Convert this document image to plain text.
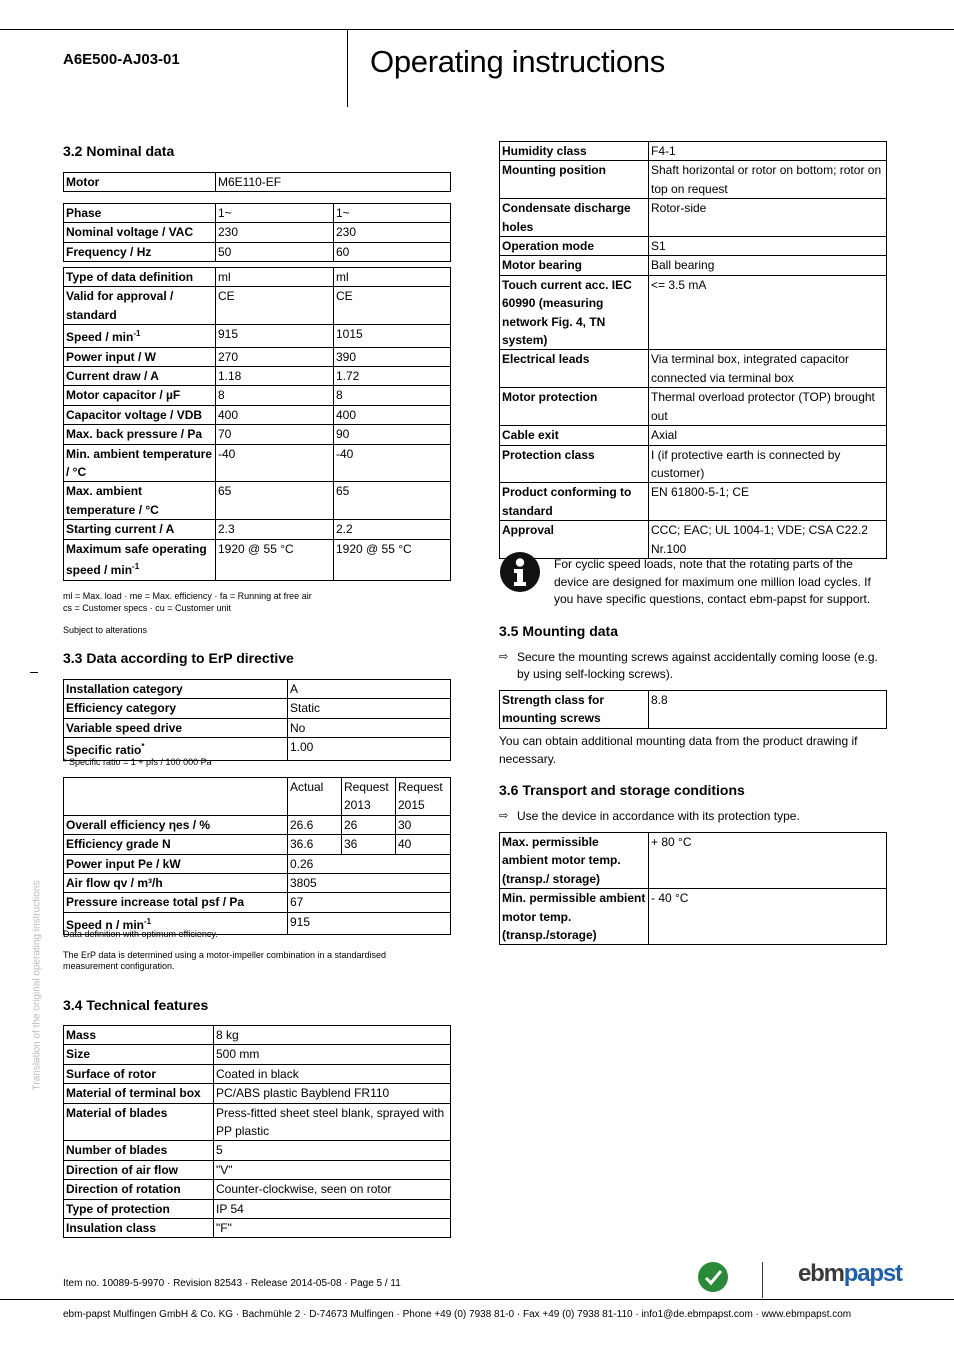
A6E500-AJ03-01	Operating instructions
Translation of the original operating instructions
3.2 Nominal data
Motor	M6E110-EF
Phase	1~	1~
Nominal voltage / VAC	230	230
Frequency / Hz	50	60
Type of data definition	ml	ml
Valid for approval / standard	CE	CE
Speed / $\min^{-1}$	915	1015
Power input / W	270	390
Current draw / A	1.18	1.72
Motor capacitor / µF	8	8
Capacitor voltage / VDB	400	400
Max. back pressure / Pa	70	90
Min. ambient temperature / °C	-40	-40
Max. ambient temperature / °C	65	65
Starting current / A	2.3	2.2
Maximum safe operating speed / $\min^{-1}$	1920 @ 55 °C	1920 @ 55 °C
ml = Max. load · me = Max. efficiency · fa = Running at free air
cs = Customer specs · cu = Customer unit
Subject to alterations
3.3 Data according to ErP directive
Installation category	A
Efficiency category	Static
Variable speed drive	No
Specific ratio*	1.00
* Specific ratio = 1 + pfs / 100 000 Pa
	Actual	Request 2013	Request 2015
Overall efficiency ηes / %	26.6	26	30
Efficiency grade N	36.6	36	40
Power input Pe / kW	0.26		
Air flow qv / m³/h	3805		
Pressure increase total psf / Pa	67		
Speed n / $\min^{-1}$	915		
Data definition with optimum efficiency.
The ErP data is determined using a motor-impeller combination in a standardised measurement configuration.
3.4 Technical features
Mass	8 kg
Size	500 mm
Surface of rotor	Coated in black
Material of terminal box	PC/ABS plastic Bayblend FR110
Material of blades	Press-fitted sheet steel blank, sprayed with PP plastic
Number of blades	5
Direction of air flow	"V"
Direction of rotation	Counter-clockwise, seen on rotor
Type of protection	IP 54
Insulation class	"F"
Humidity class	F4-1
Mounting position	Shaft horizontal or rotor on bottom; rotor on top on request
Condensate discharge holes	Rotor-side
Operation mode	S1
Motor bearing	Ball bearing
Touch current acc. IEC 60990 (measuring network Fig. 4, TN system)	<= 3.5 mA
Electrical leads	Via terminal box, integrated capacitor connected via terminal box
Motor protection	Thermal overload protector (TOP) brought out
Cable exit	Axial
Protection class	I (if protective earth is connected by customer)
Product conforming to standard	EN 61800-5-1; CE
Approval	CCC; EAC; UL 1004-1; VDE; CSA C22.2 Nr.100
For cyclic speed loads, note that the rotating parts of the device are designed for maximum one million load cycles. If you have specific questions, contact ebm-papst for support.
3.5 Mounting data
⇨ Secure the mounting screws against accidentally coming loose (e.g. by using self-locking screws).
Strength class for mounting screws	8.8
You can obtain additional mounting data from the product drawing if necessary.
3.6 Transport and storage conditions
⇨ Use the device in accordance with its protection type.
Max. permissible ambient motor temp. (transp./ storage)	+ 80 °C
Min. permissible ambient motor temp. (transp./storage)	- 40 °C
Item no. 10089-5-9970 · Revision 82543 · Release 2014-05-08 · Page 5 / 11	ebmpapst
ebm-papst Mulfingen GmbH & Co. KG · Bachmühle 2 · D-74673 Mulfingen · Phone +49 (0) 7938 81-0 · Fax +49 (0) 7938 81-110 · info1@de.ebmpapst.com · www.ebmpapst.com
